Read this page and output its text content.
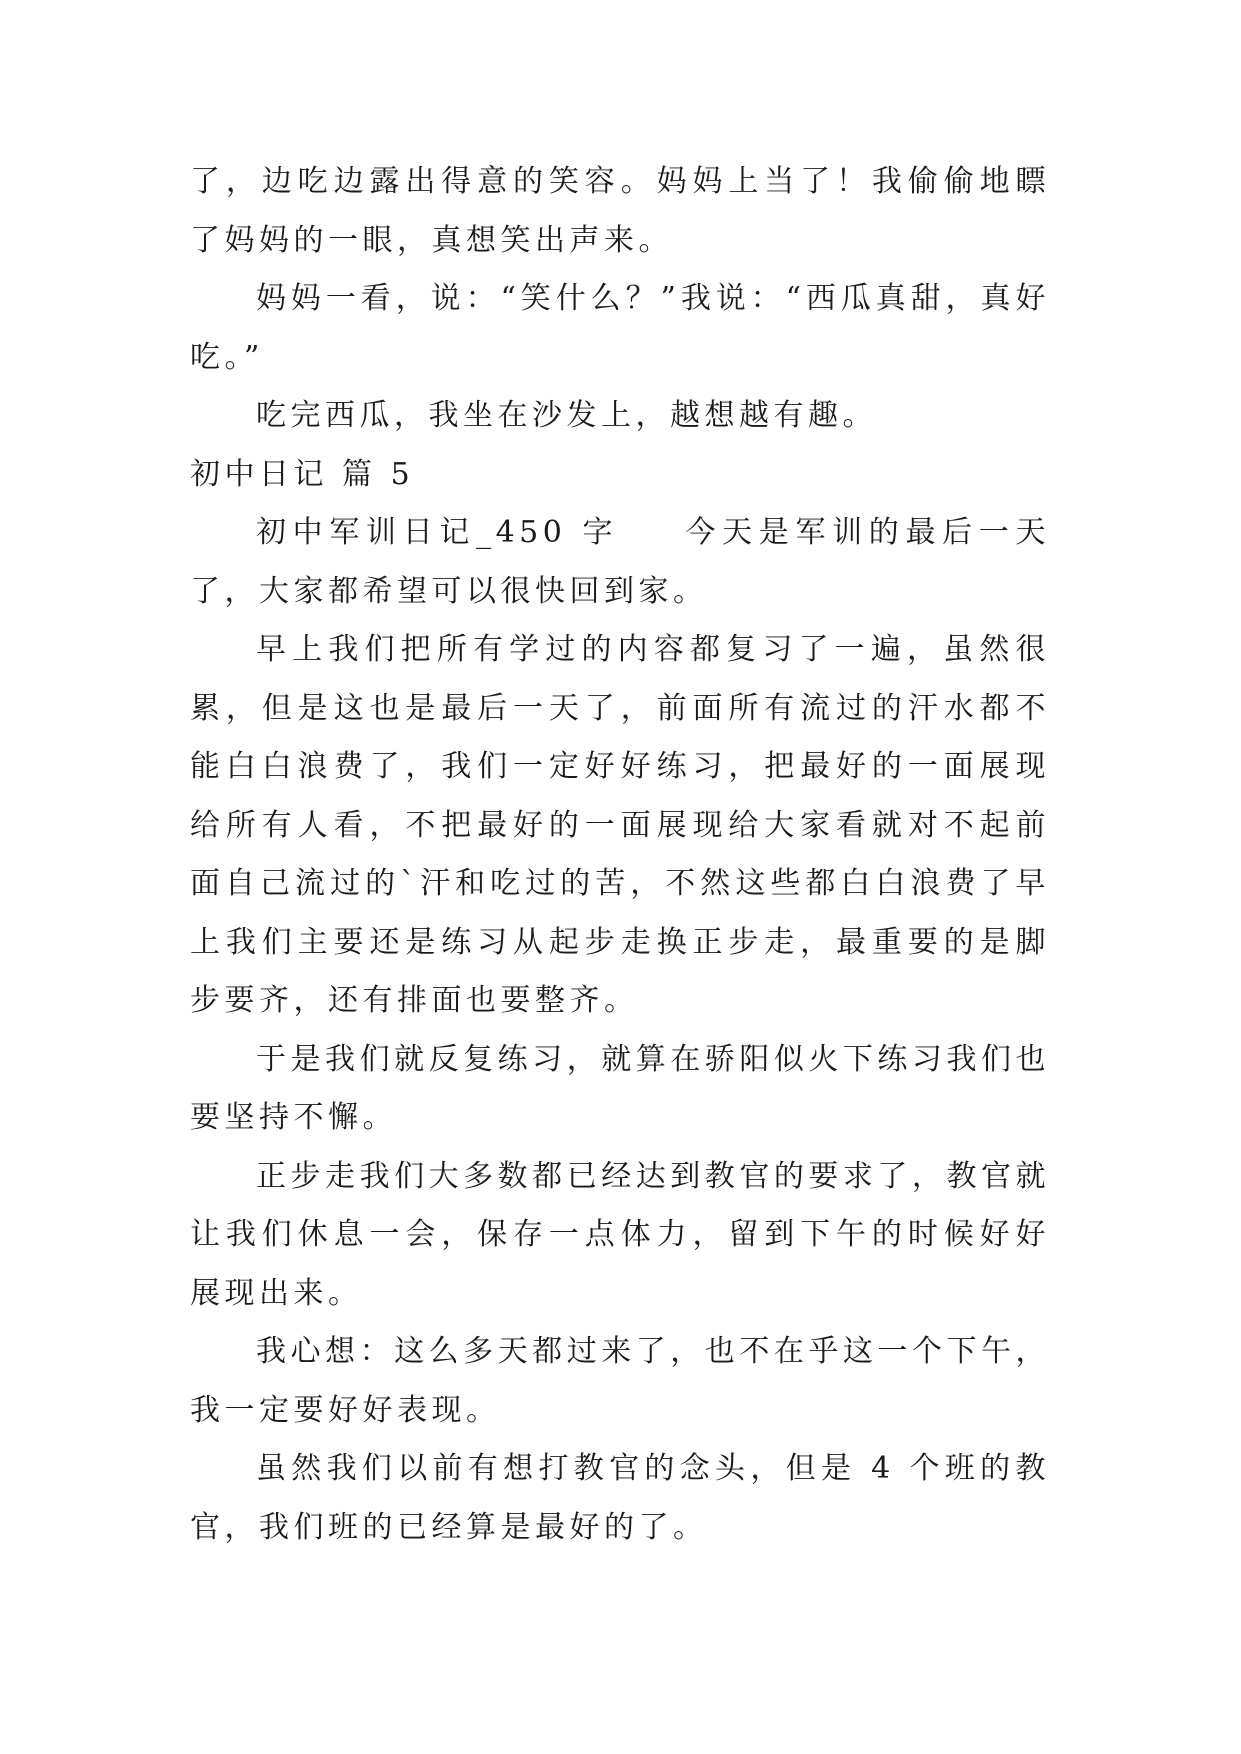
了，边吃边露出得意的笑容。妈妈上当了！我偷偷地瞟了妈妈的一眼，真想笑出声来。

妈妈一看，说：“笑什么？”我说：“西瓜真甜，真好吃。”

吃完西瓜，我坐在沙发上，越想越有趣。

初中日记 篇 5

初中军训日记_450 字 今天是军训的最后一天了，大家都希望可以很快回到家。

早上我们把所有学过的内容都复习了一遍，虽然很累，但是这也是最后一天了，前面所有流过的汗水都不能白白浪费了，我们一定好好练习，把最好的一面展现给所有人看，不把最好的一面展现给大家看就对不起前面自己流过的`汗和吃过的苦，不然这些都白白浪费了早上我们主要还是练习从起步走换正步走，最重要的是脚步要齐，还有排面也要整齐。

于是我们就反复练习，就算在骄阳似火下练习我们也要坚持不懈。

正步走我们大多数都已经达到教官的要求了，教官就让我们休息一会，保存一点体力，留到下午的时候好好展现出来。

我心想：这么多天都过来了，也不在乎这一个下午，我一定要好好表现。

虽然我们以前有想打教官的念头，但是 4 个班的教官，我们班的已经算是最好的了。
